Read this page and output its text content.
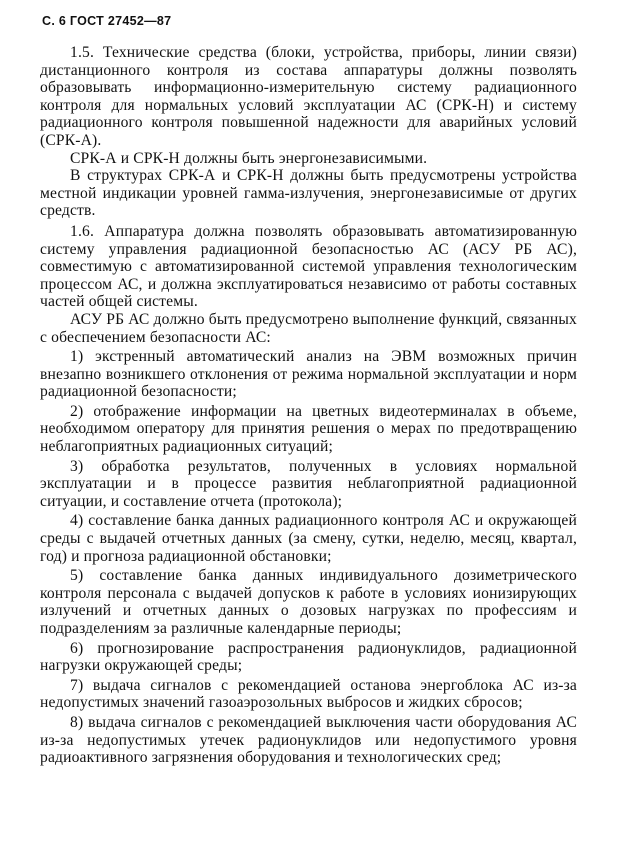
С. 6 ГОСТ 27452—87

1.5. Технические средства (блоки, устройства, приборы, линии связи) дистанционного контроля из состава аппаратуры должны позволять образовывать информационно-измерительную систему радиационного контроля для нормальных условий эксплуатации АС (СРК-Н) и систему радиационного контроля повышенной надежности для аварийных условий (СРК-А).

СРК-А и СРК-Н должны быть энергонезависимыми.

В структурах СРК-А и СРК-Н должны быть предусмотрены устройства местной индикации уровней гамма-излучения, энергонезависимые от других средств.

1.6. Аппаратура должна позволять образовывать автоматизированную систему управления радиационной безопасностью АС (АСУ РБ АС), совместимую с автоматизированной системой управления технологическим процессом АС, и должна эксплуатироваться независимо от работы составных частей общей системы.

АСУ РБ АС должно быть предусмотрено выполнение функций, связанных с обеспечением безопасности АС:

1) экстренный автоматический анализ на ЭВМ возможных причин внезапно возникшего отклонения от режима нормальной эксплуатации и норм радиационной безопасности;

2) отображение информации на цветных видеотерминалах в объеме, необходимом оператору для принятия решения о мерах по предотвращению неблагоприятных радиационных ситуаций;

3) обработка результатов, полученных в условиях нормальной эксплуатации и в процессе развития неблагоприятной радиационной ситуации, и составление отчета (протокола);

4) составление банка данных радиационного контроля АС и окружающей среды с выдачей отчетных данных (за смену, сутки, неделю, месяц, квартал, год) и прогноза радиационной обстановки;

5) составление банка данных индивидуального дозиметрического контроля персонала с выдачей допусков к работе в условиях ионизирующих излучений и отчетных данных о дозовых нагрузках по профессиям и подразделениям за различные календарные периоды;

6) прогнозирование распространения радионуклидов, радиационной нагрузки окружающей среды;

7) выдача сигналов с рекомендацией останова энергоблока АС из-за недопустимых значений газоаэрозольных выбросов и жидких сбросов;

8) выдача сигналов с рекомендацией выключения части оборудования АС из-за недопустимых утечек радионуклидов или недопустимого уровня радиоактивного загрязнения оборудования и технологических сред;
